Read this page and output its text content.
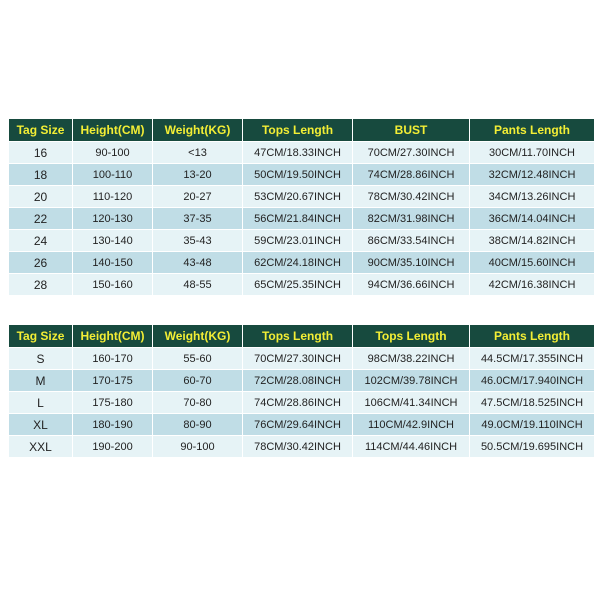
Tag Size	Height(CM)	Weight(KG)	Tops Length	BUST	Pants Length
16	90-100	<13	47CM/18.33INCH	70CM/27.30INCH	30CM/11.70INCH
18	100-110	13-20	50CM/19.50INCH	74CM/28.86INCH	32CM/12.48INCH
20	110-120	20-27	53CM/20.67INCH	78CM/30.42INCH	34CM/13.26INCH
22	120-130	37-35	56CM/21.84INCH	82CM/31.98INCH	36CM/14.04INCH
24	130-140	35-43	59CM/23.01INCH	86CM/33.54INCH	38CM/14.82INCH
26	140-150	43-48	62CM/24.18INCH	90CM/35.10INCH	40CM/15.60INCH
28	150-160	48-55	65CM/25.35INCH	94CM/36.66INCH	42CM/16.38INCH
Tag Size	Height(CM)	Weight(KG)	Tops Length	Tops Length	Pants Length
S	160-170	55-60	70CM/27.30INCH	98CM/38.22INCH	44.5CM/17.355INCH
M	170-175	60-70	72CM/28.08INCH	102CM/39.78INCH	46.0CM/17.940INCH
L	175-180	70-80	74CM/28.86INCH	106CM/41.34INCH	47.5CM/18.525INCH
XL	180-190	80-90	76CM/29.64INCH	110CM/42.9INCH	49.0CM/19.110INCH
XXL	190-200	90-100	78CM/30.42INCH	114CM/44.46INCH	50.5CM/19.695INCH
